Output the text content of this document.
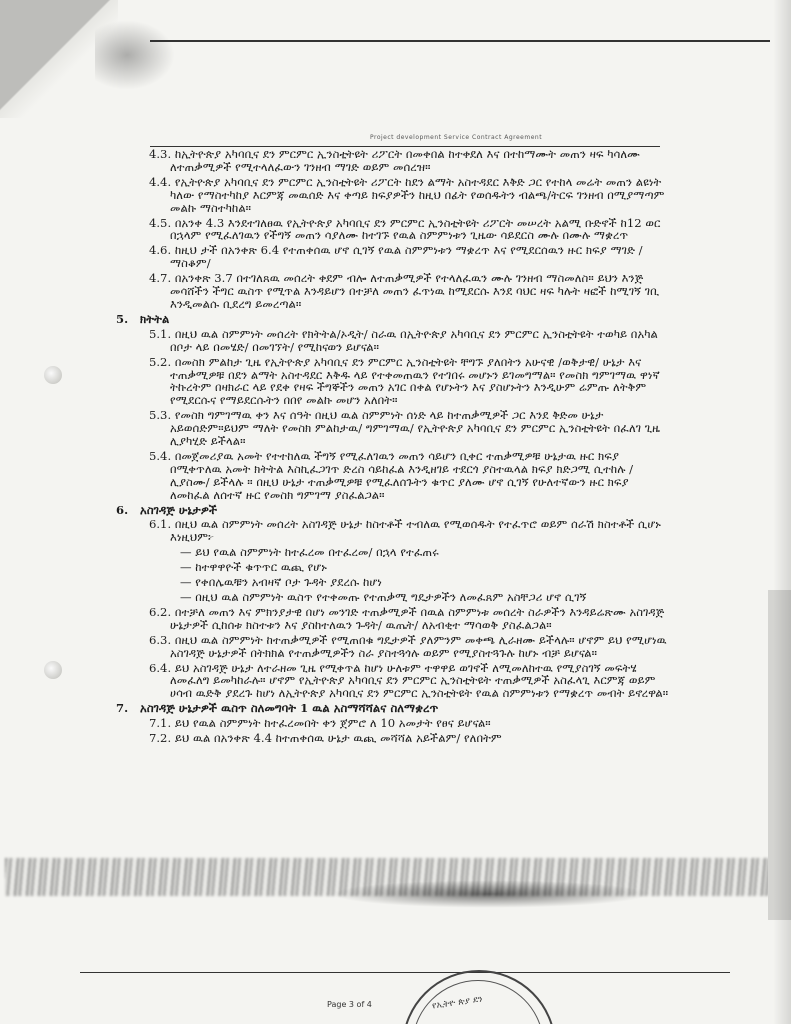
Project development Service Contract Agreement

4.3. ከኢትዮጵያ አካባቢና ደን ምርምር ኢንስቲትዩት ሪፖርት በመቀበል ከተቀደለ እና በተከማሙት መጠን ዛፍ ካሳለሙ ለተጠቃሚዎች የሚተላለፈውን ገንዘብ ማገድ ወይም መሰረዝ።

4.4. የኢትዮጵያ አካባቢና ደን ምርምር ኢንስቲትዩት ሪፖርት ከደን ልማት አስተዳደር እቅድ ጋር የተከላ መሬት መጠን ልዩነት ካለው የማስተካከያ እርምጃ መዉሰድ እና ቀጣይ ክፍያዎችን ከዚህ በፊት የወሰዱትን ብልጫ/ትርፍ ገንዘብ በሚያማጣም መልኩ ማስተካከል።

4.5. በአንቀ 4.3 እንደተገለፀዉ የኢትዮጵያ አካባቢና ደን ምርምር ኢንስቲትዩት ሪፖርት መሠረት አልሚ ቡድኖች ከ12 ወር በኋላም የሚፈለገዉን የችግኝ መጠን ሳያለሙ ከተገኙ የዉል ስምምነቱን ጊዜው ሳይደርስ ሙሉ በሙሉ ማቋረጥ

4.6. ከዚህ ታች በአንቀጽ 6.4 የተጠቀሰዉ ሆኖ ሲገኝ የዉል ስምምነቱን ማቋረጥ እና የሚደርሰዉን ዙር ክፍያ ማገድ /ማስቆም/

4.7. በአንቀጽ 3.7 በተገለጸዉ መሰረት ቀደም ብሎ ለተጠቃሚዎች የተላለፈዉን ሙሉ ገንዘብ ማስመለስ። ይህን እንጅ መሳሸችን ችግር ዉስጥ የሚጥል እንዳይሆን በተቻለ መጠን ፈጥነዉ ከሚደርሱ እንደ ባህር ዛፍ ካሉት ዛፎች ከሚገኝ ገቢ እንዲመልሱ ቢደረግ ይመረጣል።

5. ክትትል

5.1. በዚህ ዉል ስምምነት መሰረት የክትትል/ኦዲት/ ስራዉ በኢትዮጵያ አካባቢና ደን ምርምር ኢንስቲትዩት ተወካይ በአካል በቦታ ላይ በመሄድ/ በመገኘት/ የሚከናወን ይሆናል።

5.2. በመስክ ምልከታ ጊዜ የኢትዮጵያ አካባቢና ደን ምርምር ኢንስቲትዩት ቸግኙ ያለበትን አሁናዊ /ወቅታዊ/ ሁኔታ እና ተጠቃሚዎቹ በደን ልማት አስተዳደር እቅዱ ላይ የተቀመጠዉን የተገበሩ መሆኑን ይገመግማል። የመስክ ግምገማዉ ዋነኛ ትኩረትም በዛክራር ላይ የደቀ የዛፍ ችግኞችን መጠን አገር በቀል የሆኑትን እና ያስሆኑትን እንዲሁም ሬምጡ ለትቅም የሚደርሱና የማይደርሱትን በበየ መልኩ መሆን አለበት።

5.3. የመስክ ግምገማዉ ቀን እና ሰዓት በዚህ ዉል ስምምነት ሰነድ ላይ ከተጠቃሚዎች ጋር እንደ ቅድመ ሁኔታ አይወሰድም።ይህም ማለት የመስክ ምልከታዉ/ ግምገማዉ/ የኢትዮጵያ አካባቢና ደን ምርምር ኢንስቲትዩት በፈለገ ጊዜ ሊያካሂድ ይችላል።

5.4. በመጀመሪያዉ አመት የተተከለዉ ችግኝ የሚፈለገዉን መጠን ሳይሆን ቢቀር ተጠቃሚዎቹ ሁኔታዉ ዙር ክፍያ በሚቀጥለዉ አመት ክትትል እስኪፈጋገጥ ድረስ ሳይከፈል እንዲዘገይ ተደርጎ ያስተዉላል ክፍያ ክድጋሚ ሲተከሉ /ሊያስሙ/ ይችላሉ ። በዚህ ሁኔታ ተጠቃሚዎቹ የሚፈለሰጉትን ቁጥር ያለሙ ሆኖ ሲገኝ የሁለተኛውን ዙር ክፍያ ለመከፈል ለሰተኛ ዙር የመስክ ግምገማ ያስፈልጋል።

6. አስገዳጅ ሁኔታዎች

6.1. በዚህ ዉል ስምምነት መሰረት አስገዳጅ ሁኔታ ከስተቶች ተብለዉ የሚወሰዱት የተፈጥሮ ወይም ሰራሽ ክስተቶች ሲሆኑ እነዚህም፦

— ይህ የዉል ስምምነት ከተፈረመ በተፈረመ/ በኋላ የተፈጠሩ

— ከተዋዋዮች ቁጥጥር ዉጪ የሆኑ

— የቀበሌዉቹን አብዛኛ ቦታ ጉዳት ያደረሱ ከሆነ

— በዚህ ዉል ስምምነት ዉስጥ የተቀመጡ የተጠቃሚ ግዴታዎችን ለመፈጸም አስቸጋሪ ሆኖ ሲገኝ

6.2. በተቻለ መጠን እና ምክንያታዊ በሆነ መንገድ ተጠቃሚዎች በዉል ስምምነቱ መሰረት ስራዎችን እንዳይሬጽሙ አስገዳጅ ሁኔታዎች ሲከሰቱ ክስተቱን እና ያስከተለዉን ጉዳት/ ዉጤት/ ለአብቂተ ማሳወቅ ያስፈልጋል።

6.3. በዚህ ዉል ስምምነት ከተጠቃሚዎች የሚጠበቁ ግዴታዎች ያለምንም መቀጫ ሊራዘሙ ይችላሉ። ሆኖም ይህ የሚሆነዉ አስገዳጅ ሁኔታዎች በትክክል የተጠቃሚዎችን ስራ ያስተጓጎሉ ወይም የሚያስተጓጉሉ ከሆኑ ብቻ ይሆናል።

6.4. ይህ አስገዳጅ ሁኔታ ለተራዘመ ጊዜ የሚቀጥል ከሆነ ሁለቱም ተዋዋይ ወገኖች ለሚመለከተዉ የሚያስገኝ መፍትሄ ለመፈለግ ይመካከራሉ። ሆኖም የኢትዮጵያ አካባቢና ደን ምርምር ኢንስቲትዩት ተጠቃሚዎች አስፈላጊ እርምጃ ወይም ሀሳብ ዉድቅ ያደረጉ ከሆነ ለኢትዮጵያ አካባቢና ደን ምርምር ኢንስቲትዩት የዉል ስምምነቱን የማቋረጥ መብት ይኖረዋል።

7. አስገዳጅ ሁኔታዎች ዉስጥ ስለመግባት 1 ዉል አስማሻሻልና ስለማቋረጥ

7.1. ይህ የዉል ስምምነት ከተፈረመበት ቀን ጀምሮ ለ 10 አመታት የፀና ይሆናል።

7.2. ይህ ዉል በአንቀጽ 4.4 ከተጠቀሰዉ ሁኔታ ዉጪ መሻሻል አይችልም/ የለበትም

Page 3 of 4	የኢትዮ ጵያ ደን
